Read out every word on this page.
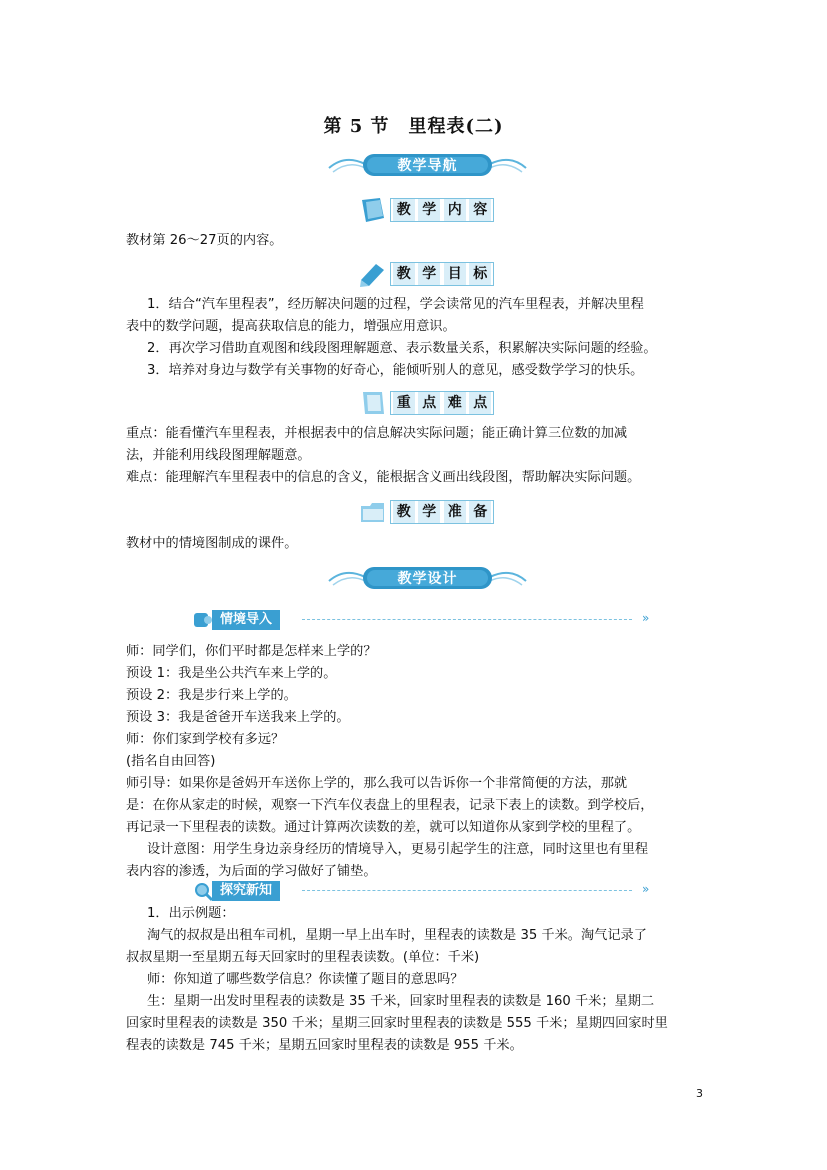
第 5 节　里程表(二)
教学导航
教 学 内 容
教材第 26～27页的内容。
教 学 目 标
1．结合“汽车里程表”，经历解决问题的过程，学会读常见的汽车里程表，并解决里程
表中的数学问题，提高获取信息的能力，增强应用意识。
2．再次学习借助直观图和线段图理解题意、表示数量关系，积累解决实际问题的经验。
3．培养对身边与数学有关事物的好奇心，能倾听别人的意见，感受数学学习的快乐。
重 点 难 点
重点：能看懂汽车里程表，并根据表中的信息解决实际问题；能正确计算三位数的加减
法，并能利用线段图理解题意。
难点：能理解汽车里程表中的信息的含义，能根据含义画出线段图，帮助解决实际问题。
教 学 准 备
教材中的情境图制成的课件。
教学设计
情境导入	»
师：同学们，你们平时都是怎样来上学的？
预设 1：我是坐公共汽车来上学的。
预设 2：我是步行来上学的。
预设 3：我是爸爸开车送我来上学的。
师：你们家到学校有多远？
(指名自由回答)
师引导：如果你是爸妈开车送你上学的，那么我可以告诉你一个非常简便的方法，那就
是：在你从家走的时候，观察一下汽车仪表盘上的里程表，记录下表上的读数。到学校后，
再记录一下里程表的读数。通过计算两次读数的差，就可以知道你从家到学校的里程了。
设计意图：用学生身边亲身经历的情境导入，更易引起学生的注意，同时这里也有里程
表内容的渗透，为后面的学习做好了铺垫。
探究新知	»
1．出示例题：
淘气的叔叔是出租车司机，星期一早上出车时，里程表的读数是 35 千米。淘气记录了
叔叔星期一至星期五每天回家时的里程表读数。(单位：千米)
师：你知道了哪些数学信息？你读懂了题目的意思吗？
生：星期一出发时里程表的读数是 35 千米，回家时里程表的读数是 160 千米；星期二
回家时里程表的读数是 350 千米；星期三回家时里程表的读数是 555 千米；星期四回家时里
程表的读数是 745 千米；星期五回家时里程表的读数是 955 千米。
3
